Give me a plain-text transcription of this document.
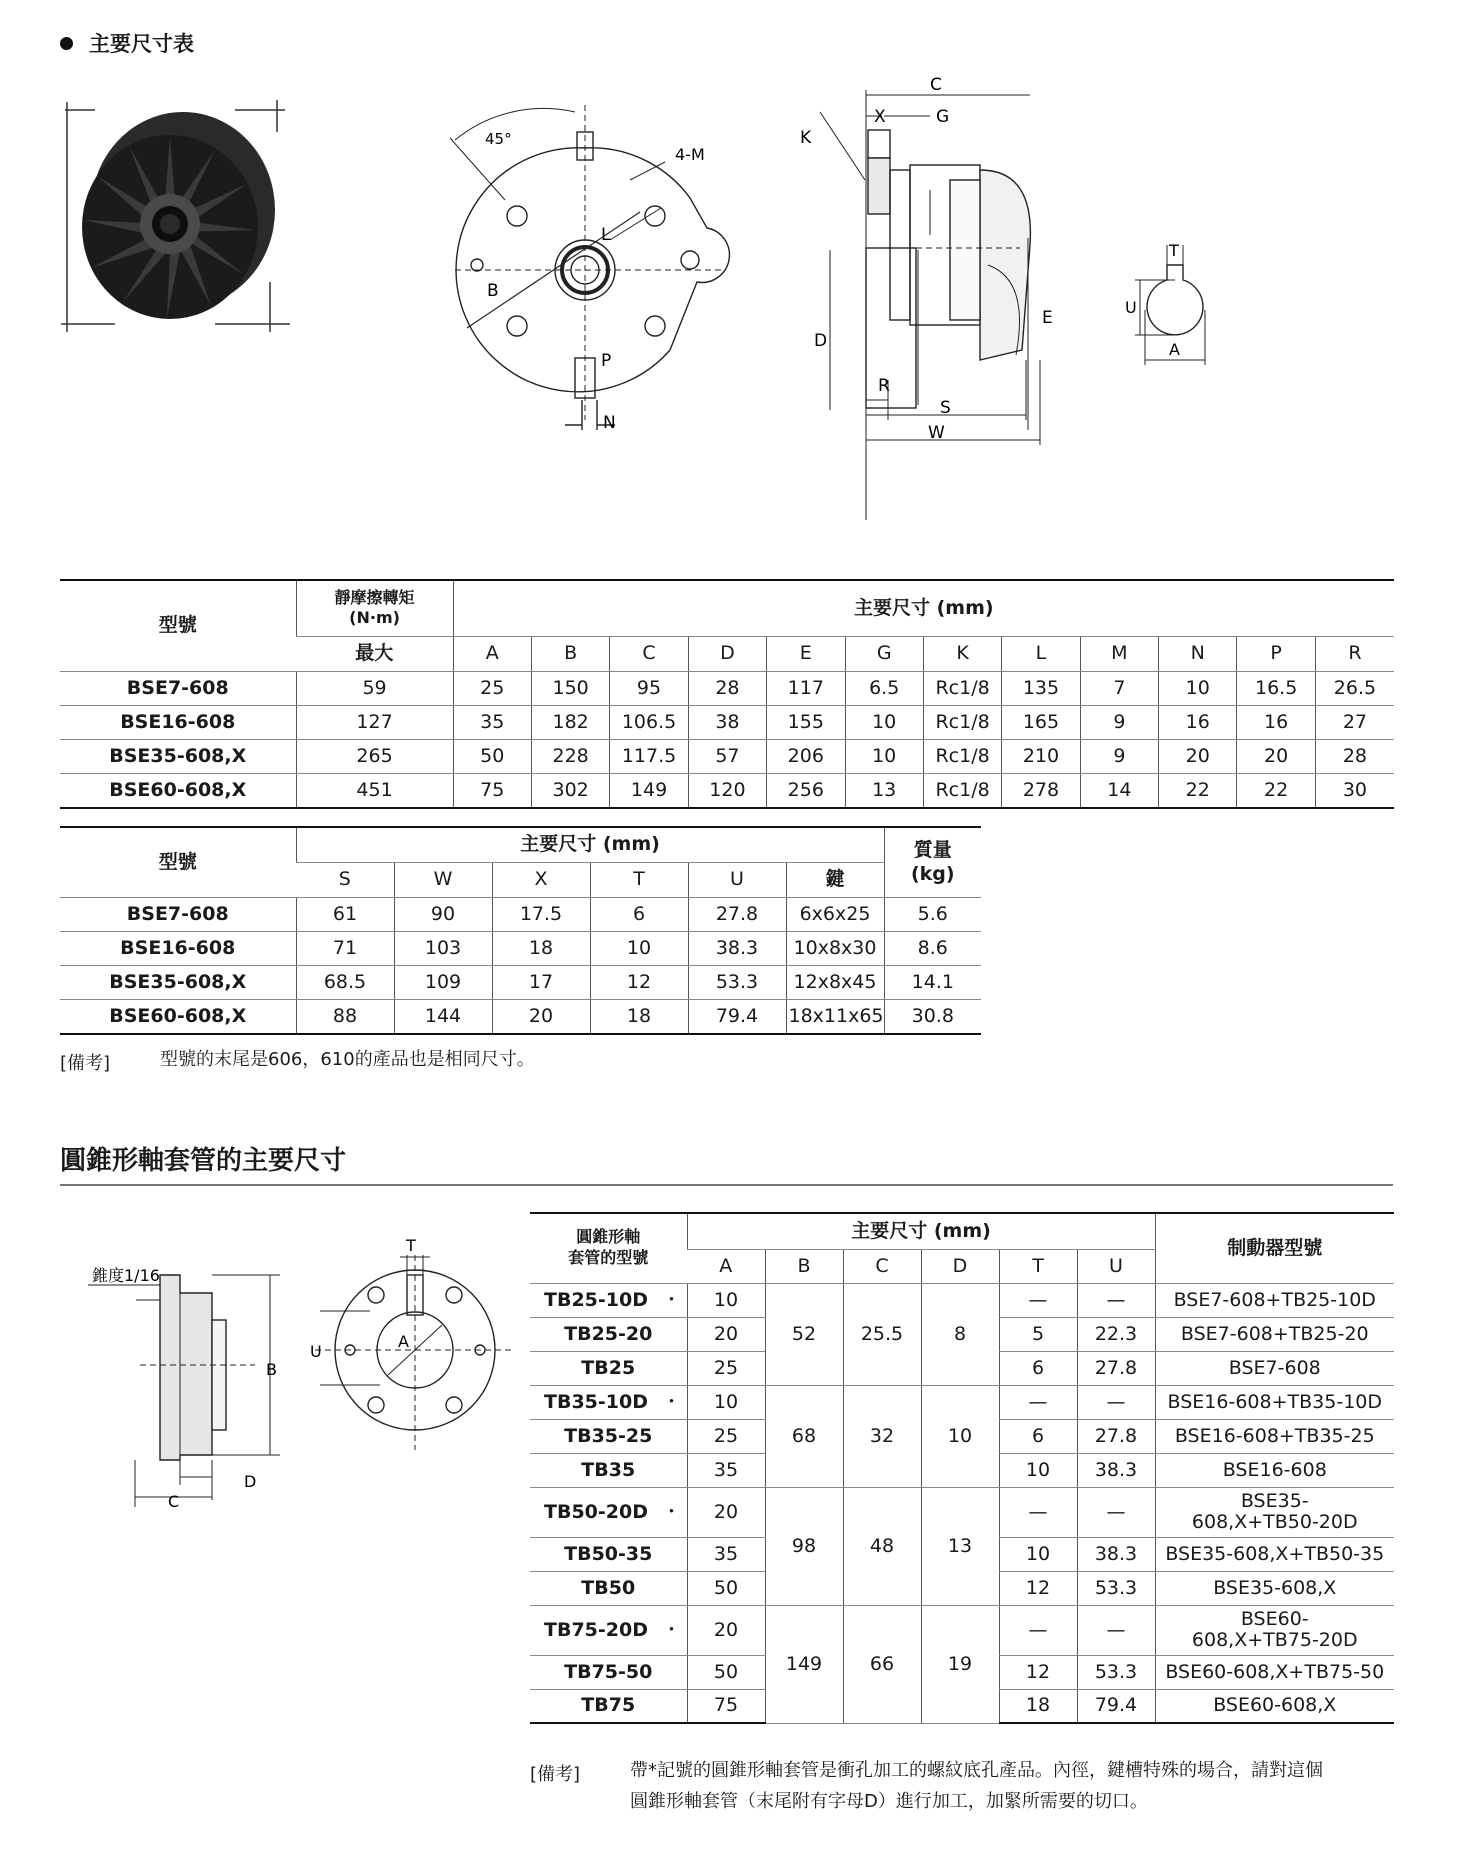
主要尺寸表
45°
4-M
L
B
P
N
C
X	G
K
D
E
R
S
W
T
U
A
型號	靜摩擦轉矩
(N·m)	主要尺寸 (mm)											
	最大	A	B	C	D	E	G	K	L	M	N	P	R
BSE7-608	59	25	150	95	28	117	6.5	Rc1/8	135	7	10	16.5	26.5
BSE16-608	127	35	182	106.5	38	155	10	Rc1/8	165	9	16	16	27
BSE35-608,X	265	50	228	117.5	57	206	10	Rc1/8	210	9	20	20	28
BSE60-608,X	451	75	302	149	120	256	13	Rc1/8	278	14	22	22	30
型號	主要尺寸 (mm)						質量
(kg)

	S	W	X	T	U	鍵	
BSE7-608	61	90	17.5	6	27.8	6x6x25	5.6
BSE16-608	71	103	18	10	38.3	10x8x30	8.6
BSE35-608,X	68.5	109	17	12	53.3	12x8x45	14.1
BSE60-608,X	88	144	20	18	79.4	18x11x65	30.8
[備考]	型號的末尾是606，610的產品也是相同尺寸。
圓錐形軸套管的主要尺寸
錐度1/16
B
C
D
T
U
A
圓錐形軸
套管的型號	主要尺寸 (mm)						制動器型號
	A	B	C	D	T	U	
TB25-10D ・	10	52	25.5	8	—	—	BSE7-608+TB25-10D
TB25-20	20				5	22.3	BSE7-608+TB25-20
TB25	25				6	27.8	BSE7-608
TB35-10D ・	10	68	32	10	—	—	BSE16-608+TB35-10D
TB35-25	25				6	27.8	BSE16-608+TB35-25
TB35	35				10	38.3	BSE16-608
TB50-20D ・	20	98	48	13	—	—	BSE35-608,X+TB50-20D
TB50-35	35				10	38.3	BSE35-608,X+TB50-35
TB50	50				12	53.3	BSE35-608,X
TB75-20D ・	20	149	66	19	—	—	BSE60-608,X+TB75-20D
TB75-50	50				12	53.3	BSE60-608,X+TB75-50
TB75	75				18	79.4	BSE60-608,X
[備考]	帶*記號的圓錐形軸套管是衝孔加工的螺紋底孔產品。內徑，鍵槽特殊的場合，請對這個
圓錐形軸套管（末尾附有字母D）進行加工，加緊所需要的切口。
